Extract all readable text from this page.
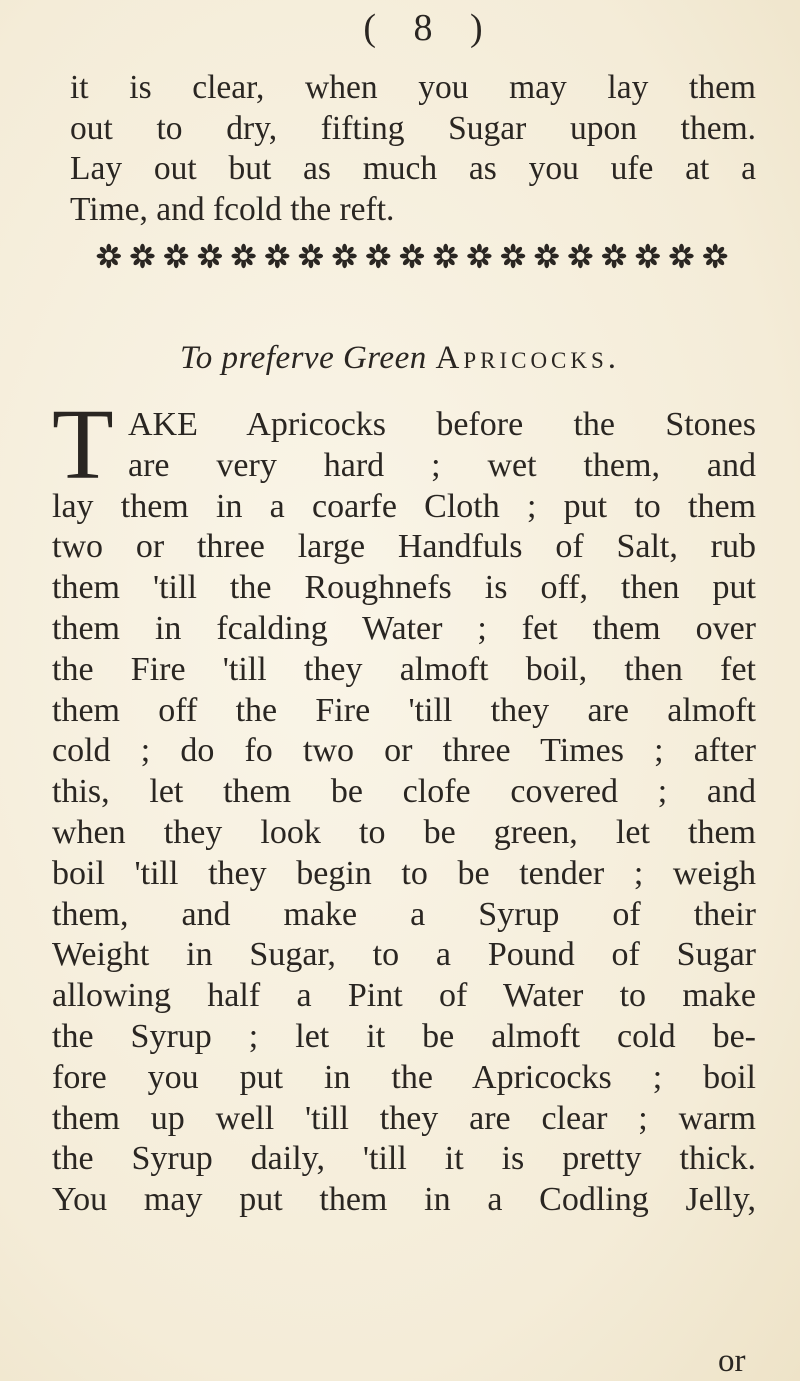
( 8 )
it is clear, when you may lay them
out to dry, fifting Sugar upon them.
Lay out but as much as you ufe at a
Time, and fcold the reft.
To preferve Green Apricocks.
T AKE Apricocks before the Stones
are very hard ; wet them, and
lay them in a coarfe Cloth ; put to them
two or three large Handfuls of Salt, rub
them 'till the Roughnefs is off, then put
them in fcalding Water ; fet them over
the Fire 'till they almoft boil, then fet
them off the Fire 'till they are almoft
cold ; do fo two or three Times ; after
this, let them be clofe covered ; and
when they look to be green, let them
boil 'till they begin to be tender ; weigh
them, and make a Syrup of their
Weight in Sugar, to a Pound of Sugar
allowing half a Pint of Water to make
the Syrup ; let it be almoft cold be-
fore you put in the Apricocks ; boil
them up well 'till they are clear ; warm
the Syrup daily, 'till it is pretty thick.
You may put them in a Codling Jelly,
or
